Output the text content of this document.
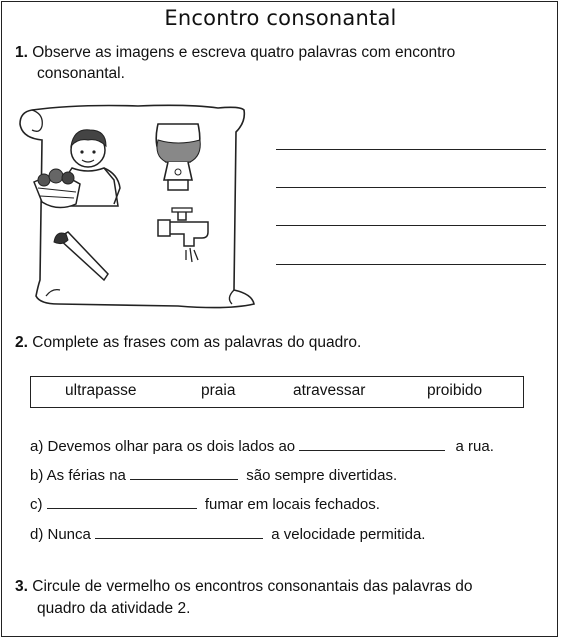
Encontro consonantal
1. Observe as imagens e escreva quatro palavras com encontro
consonantal.
2. Complete as frases com as palavras do quadro.
ultrapasse	praia	atravessar	proibido
a) Devemos olhar para os dois lados ao	a rua.
b) As férias na	são sempre divertidas.
c)	fumar em locais fechados.
d) Nunca	a velocidade permitida.
3. Circule de vermelho os encontros consonantais das palavras do
quadro da atividade 2.
